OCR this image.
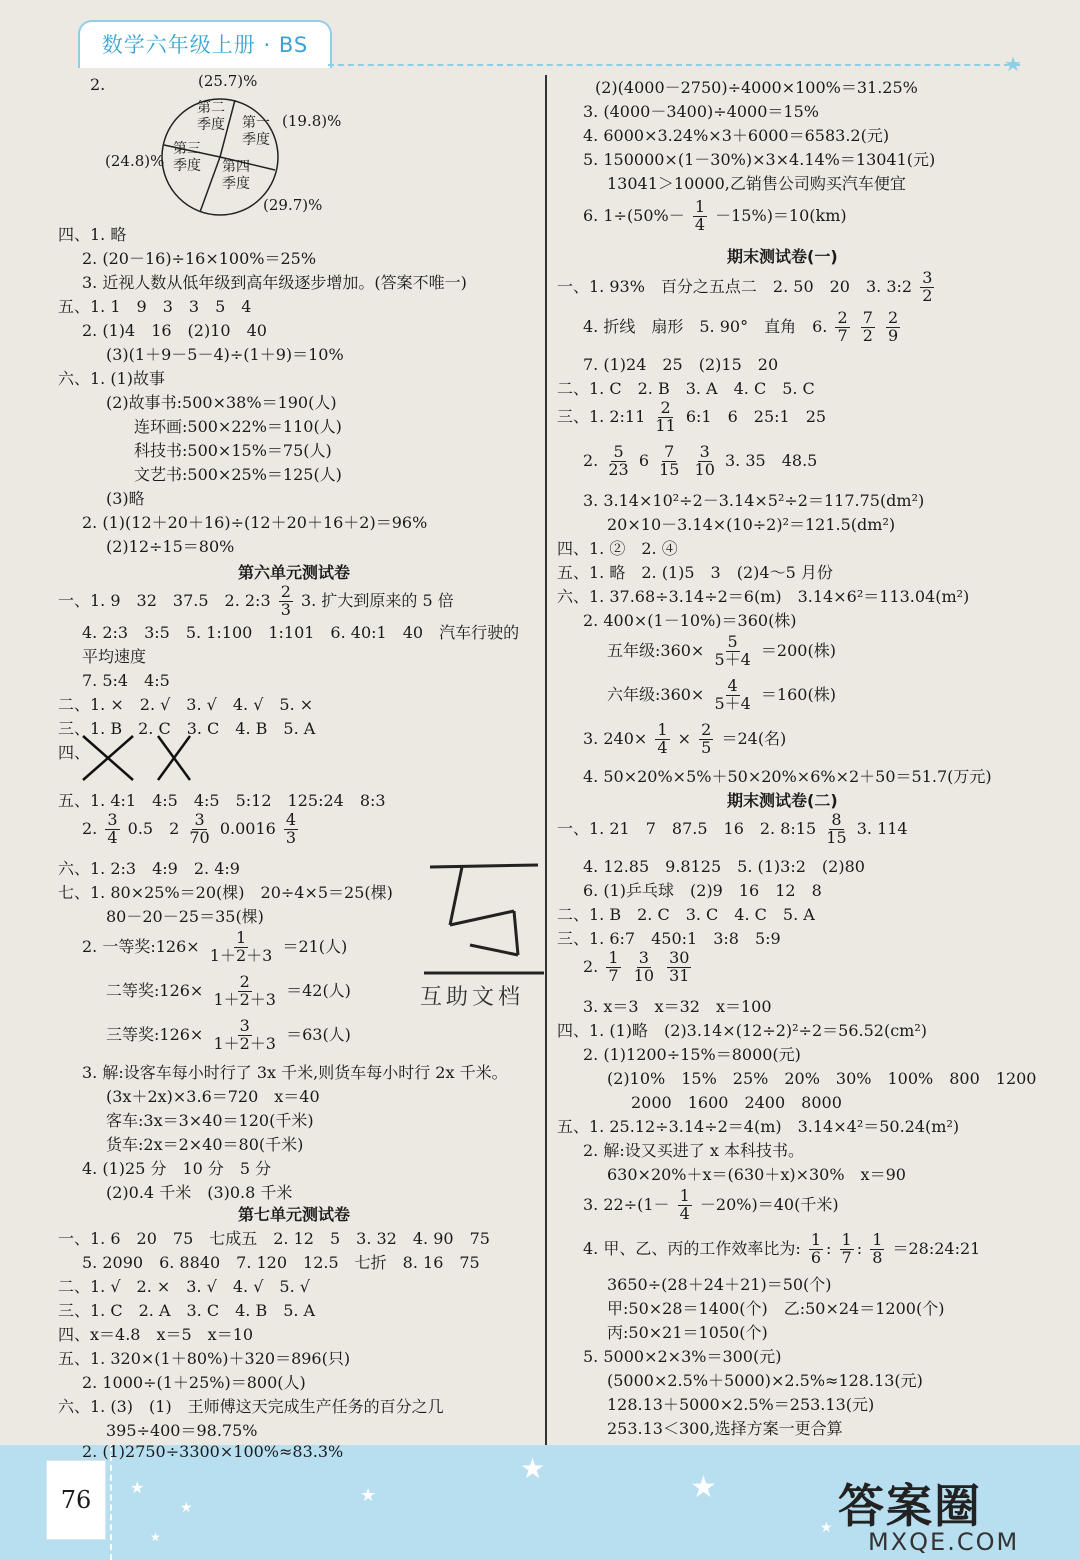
数学六年级上册 · BS
★
2.
第二季度 第一季度
第三季度 第四季度
(25.7)%
(19.8)%
(24.8)%
(29.7)%
四、1. 略
2. (20－16)÷16×100%＝25%
3. 近视人数从低年级到高年级逐步增加。(答案不唯一)
五、1. 1　9　3　3　5　4
2. (1)4　16　(2)10　40
(3)(1＋9－5－4)÷(1＋9)＝10%
六、1. (1)故事
(2)故事书:500×38%＝190(人)
连环画:500×22%＝110(人)
科技书:500×15%＝75(人)
文艺书:500×25%＝125(人)
(3)略
2. (1)(12＋20＋16)÷(12＋20＋16＋2)＝96%
(2)12÷15＝80%
第六单元测试卷
一、1. 9　32　37.5　2. 2:3 $\frac{2}{3} 3$. 扩大到原来的 5 倍
4. 2:3　3:5　5. 1:100　1:101　6. 40:1　40　汽车行驶的
平均速度
7. 5:4　4:5
二、1. ×　2. √　3. √　4. √　5. ×
三、1. B　2. C　3. C　4. B　5. A
四、
五、1. 4:1　4:5　4:5　5:12　125:24　8:3
2. $\frac{3}{4} 0.5$　$2 \frac{3}{70} 0.0016 \frac{4}{3}$
六、1. 2:3　4:9　2. 4:9
七、1. 80×25%＝20(棵)　20÷4×5＝25(棵)
80－20－25＝35(棵)
2. 一等奖:126× $\frac{1}{1+2+3} =21$(人)
二等奖:126× $\frac{2}{1+2+3} =42$(人)
三等奖:126× $\frac{3}{1+2+3} =63$(人)
3. 解:设客车每小时行了 3x 千米,则货车每小时行 2x 千米。
(3x＋2x)×3.6＝720　x＝40
客车:3x＝3×40＝120(千米)
货车:2x＝2×40＝80(千米)
4. (1)25 分　10 分　5 分
(2)0.4 千米　(3)0.8 千米
第七单元测试卷
一、1. 6　20　75　七成五　2. 12　5　3. 32　4. 90　75
5. 2090　6. 8840　7. 120　12.5　七折　8. 16　75
二、1. √　2. ×　3. √　4. √　5. √
三、1. C　2. A　3. C　4. B　5. A
四、x＝4.8　x＝5　x＝10
五、1. 320×(1＋80%)＋320＝896(只)
2. 1000÷(1＋25%)＝800(人)
六、1. (3)　(1)　王师傅这天完成生产任务的百分之几
395÷400＝98.75%
2. (1)2750÷3300×100%≈83.3%
(2)(4000－2750)÷4000×100%＝31.25%
3. (4000－3400)÷4000＝15%
4. 6000×3.24%×3＋6000＝6583.2(元)
5. 150000×(1－30%)×3×4.14%＝13041(元)
13041＞10000,乙销售公司购买汽车便宜
6. $1\div(50\%- \frac{1}{4} -15\%)=10(km)$
期末测试卷(一)
一、1. 93%　百分之五点二　2. 50　20　3. 3:2 $\frac{3}{2}$
4. 折线　扇形　5. 90°　直角　6. $\frac{2}{7}$
$\frac{7}{2}$
$\frac{2}{9}$
7. (1)24　25　(2)15　20
二、1. C　2. B　3. A　4. C　5. C
三、1. 2:11 $\frac{2}{11}$ 6:1　6　25:1　25
2. $\frac{5}{23} 6 \frac{7}{15}$
$\frac{3}{10} 3$. 35　48.5
3. 3.14×10²÷2－3.14×5²÷2＝117.75(dm²)
20×10－3.14×(10÷2)²＝121.5(dm²)
四、1. ②　2. ④
五、1. 略　2. (1)5　3　(2)4～5 月份
六、1. 37.68÷3.14÷2＝6(m)　3.14×6²＝113.04(m²)
2. 400×(1－10%)＝360(株)
五年级:360× $\frac{5}{5+4} =200$(株)
六年级:360× $\frac{4}{5+4} =160$(株)
3. $240\times \frac{1}{4} \times \frac{2}{5} =24$(名)
4. 50×20%×5%＋50×20%×6%×2＋50＝51.7(万元)
期末测试卷(二)
一、1. 21　7　87.5　16　2. 8:15 $\frac{8}{15} 3$. 114
4. 12.85　9.8125　5. (1)3:2　(2)80
6. (1)乒乓球　(2)9　16　12　8
二、1. B　2. C　3. C　4. C　5. A
三、1. 6:7　450:1　3:8　5:9
2. $\frac{1}{7}$
$\frac{3}{10}$
$\frac{30}{31}$
3. x＝3　x＝32　x＝100
四、1. (1)略　(2)3.14×(12÷2)²÷2＝56.52(cm²)
2. (1)1200÷15%＝8000(元)
(2)10%　15%　25%　20%　30%　100%　800　1200
2000　1600　2400　8000
五、1. 25.12÷3.14÷2＝4(m)　3.14×4²＝50.24(m²)
2. 解:设又买进了 x 本科技书。
630×20%＋x＝(630＋x)×30%　x＝90
3. $22\div(1- \frac{1}{4} -20\%)=40$(千米)
4. 甲、乙、丙的工作效率比为: $\frac{1}{6}$ : $\frac{1}{7}$ : $\frac{1}{8}$ ＝28:24:21
3650÷(28＋24＋21)＝50(个)
甲:50×28＝1400(个)　乙:50×24＝1200(个)
丙:50×21＝1050(个)
5. 5000×2×3%＝300(元)
(5000×2.5%＋5000)×2.5%≈128.13(元)
128.13＋5000×2.5%＝253.13(元)
253.13＜300,选择方案一更合算
互助文档
76	★
★
★
★
★
★
★
答案圈
MXQE.COM
